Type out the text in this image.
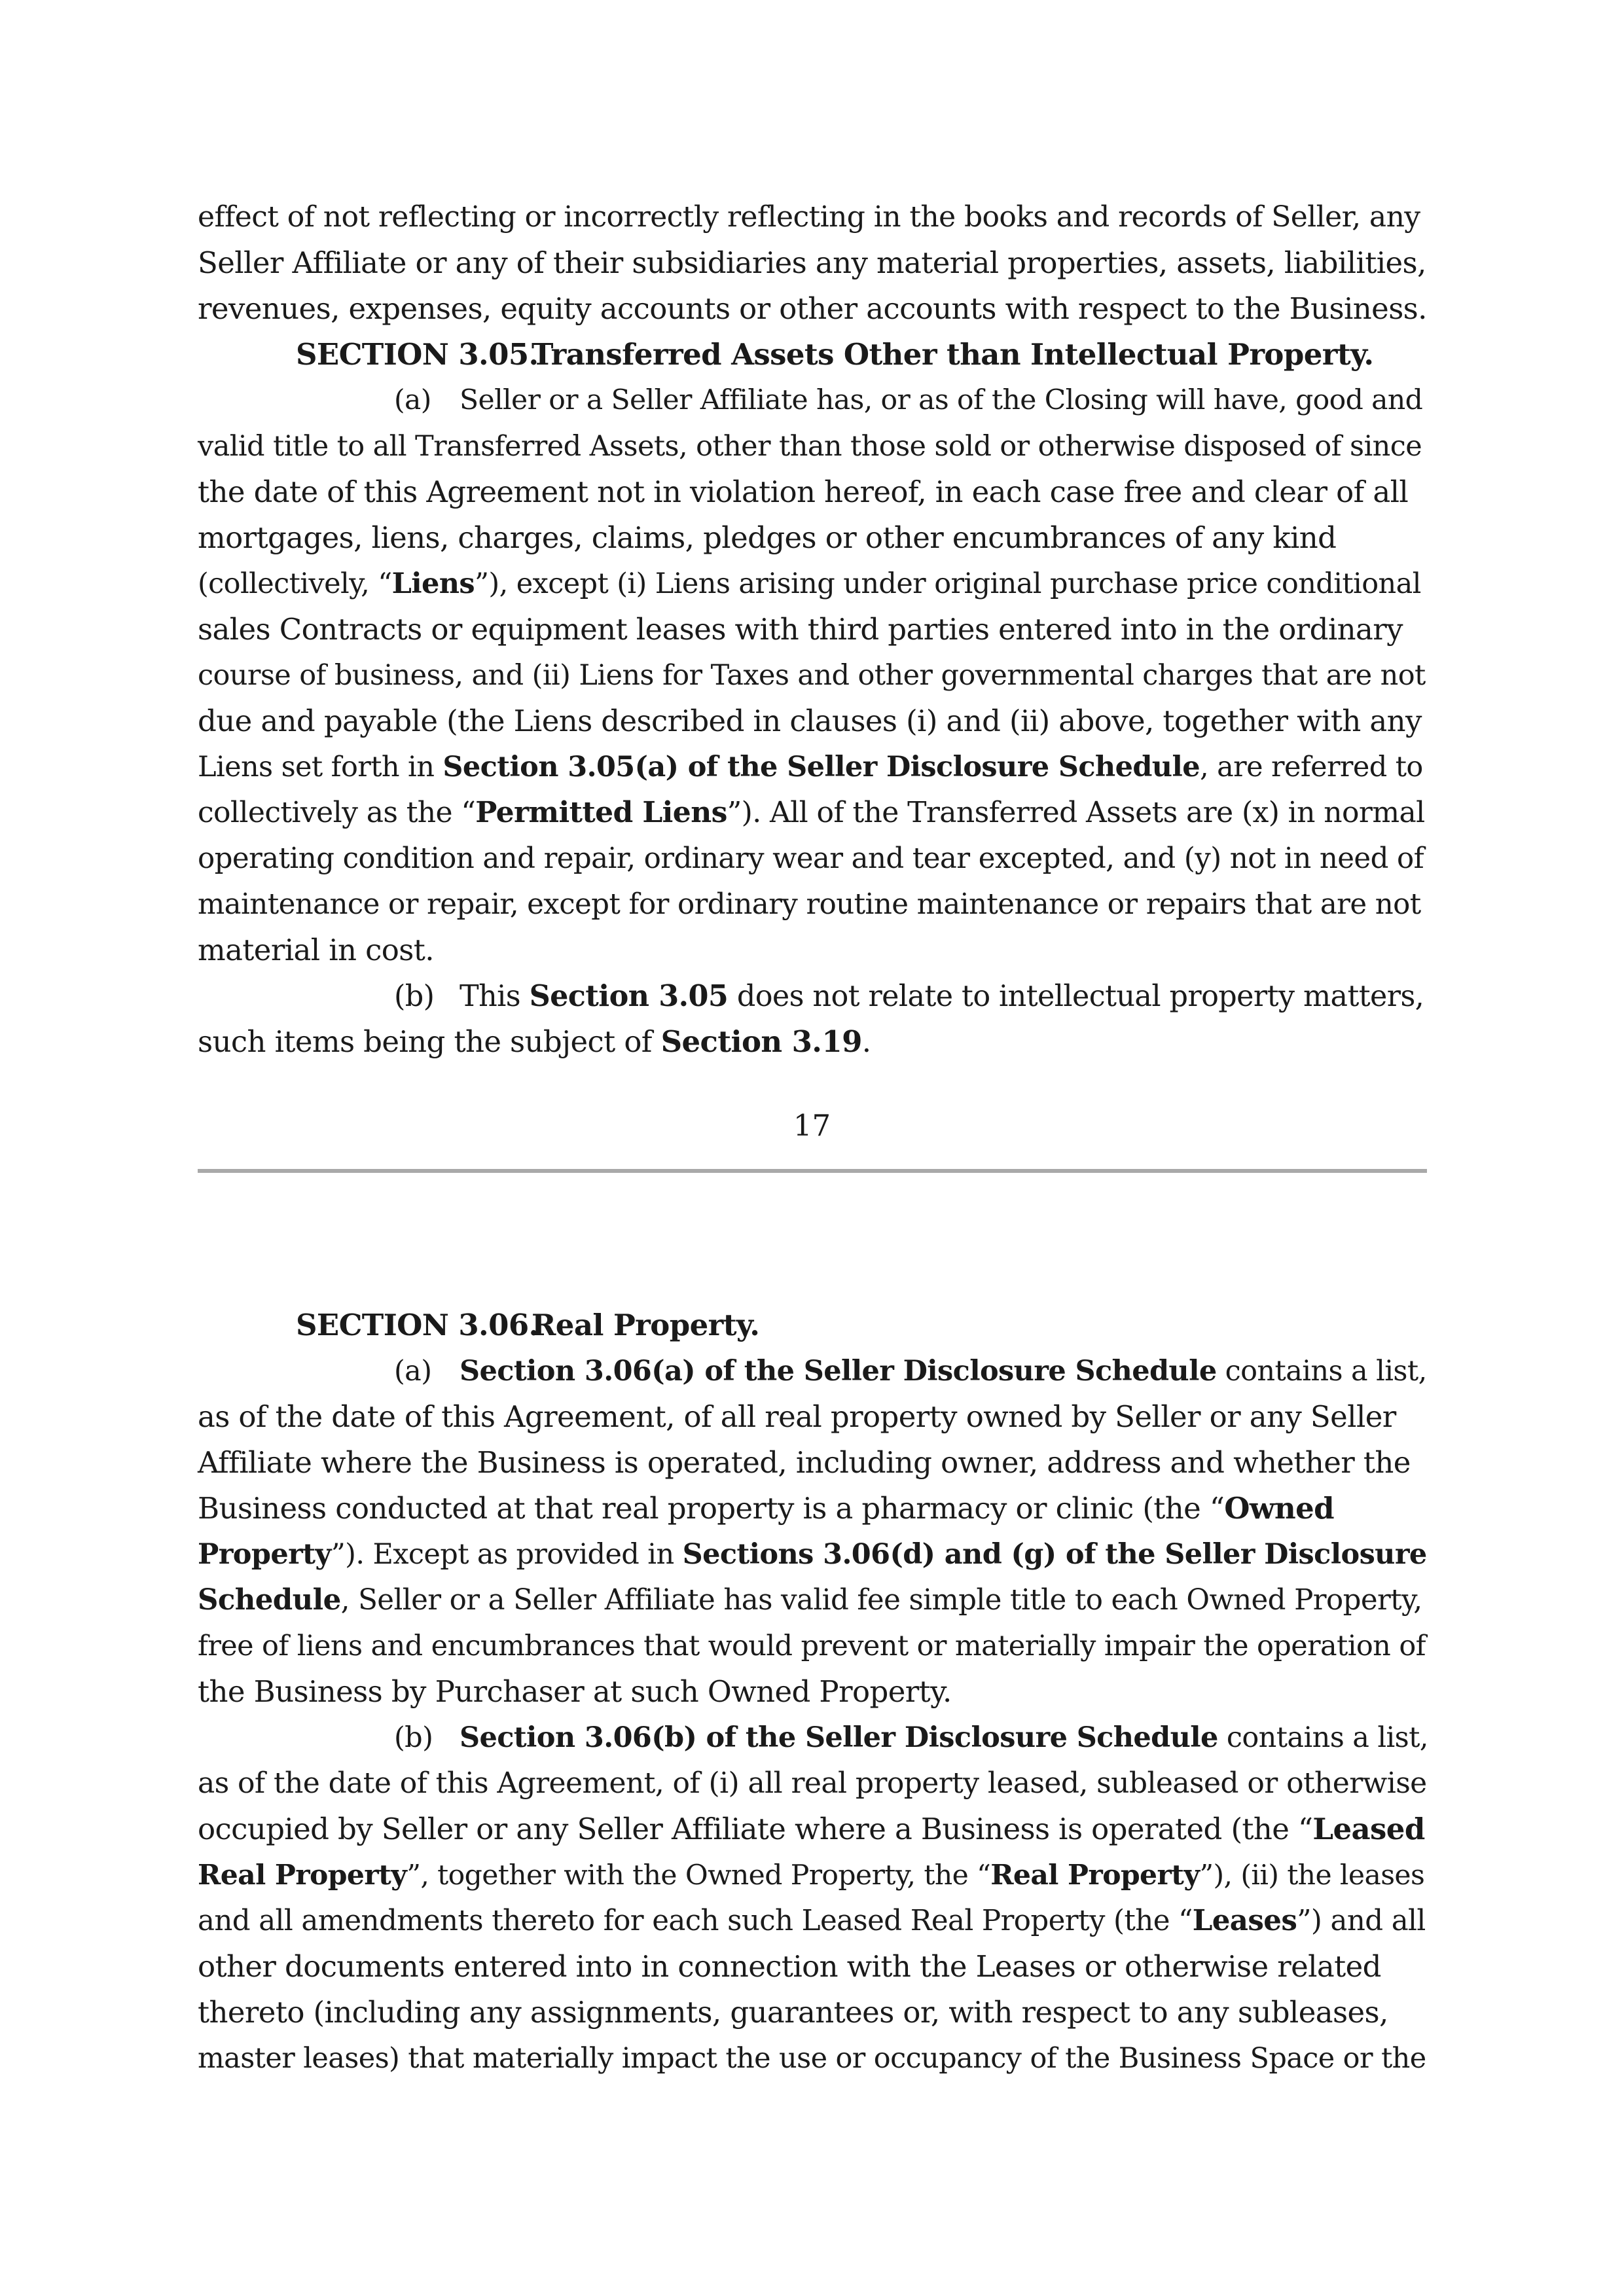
effect of not reflecting or incorrectly reflecting in the books and records of Seller, any
Seller Affiliate or any of their subsidiaries any material properties, assets, liabilities,
revenues, expenses, equity accounts or other accounts with respect to the Business.
SECTION 3.05.Transferred Assets Other than Intellectual Property.
(a) Seller or a Seller Affiliate has, or as of the Closing will have, good and
valid title to all Transferred Assets, other than those sold or otherwise disposed of since
the date of this Agreement not in violation hereof, in each case free and clear of all
mortgages, liens, charges, claims, pledges or other encumbrances of any kind
(collectively, “Liens”), except (i) Liens arising under original purchase price conditional
sales Contracts or equipment leases with third parties entered into in the ordinary
course of business, and (ii) Liens for Taxes and other governmental charges that are not
due and payable (the Liens described in clauses (i) and (ii) above, together with any
Liens set forth in Section 3.05(a) of the Seller Disclosure Schedule, are referred to
collectively as the “Permitted Liens”). All of the Transferred Assets are (x) in normal
operating condition and repair, ordinary wear and tear excepted, and (y) not in need of
maintenance or repair, except for ordinary routine maintenance or repairs that are not
material in cost.
(b) This Section 3.05 does not relate to intellectual property matters,
such items being the subject of Section 3.19.
17
SECTION 3.06.Real Property.
(a) Section 3.06(a) of the Seller Disclosure Schedule contains a list,
as of the date of this Agreement, of all real property owned by Seller or any Seller
Affiliate where the Business is operated, including owner, address and whether the
Business conducted at that real property is a pharmacy or clinic (the “Owned
Property”). Except as provided in Sections 3.06(d) and (g) of the Seller Disclosure
Schedule, Seller or a Seller Affiliate has valid fee simple title to each Owned Property,
free of liens and encumbrances that would prevent or materially impair the operation of
the Business by Purchaser at such Owned Property.
(b) Section 3.06(b) of the Seller Disclosure Schedule contains a list,
as of the date of this Agreement, of (i) all real property leased, subleased or otherwise
occupied by Seller or any Seller Affiliate where a Business is operated (the “Leased
Real Property”, together with the Owned Property, the “Real Property”), (ii) the leases
and all amendments thereto for each such Leased Real Property (the “Leases”) and all
other documents entered into in connection with the Leases or otherwise related
thereto (including any assignments, guarantees or, with respect to any subleases,
master leases) that materially impact the use or occupancy of the Business Space or the
